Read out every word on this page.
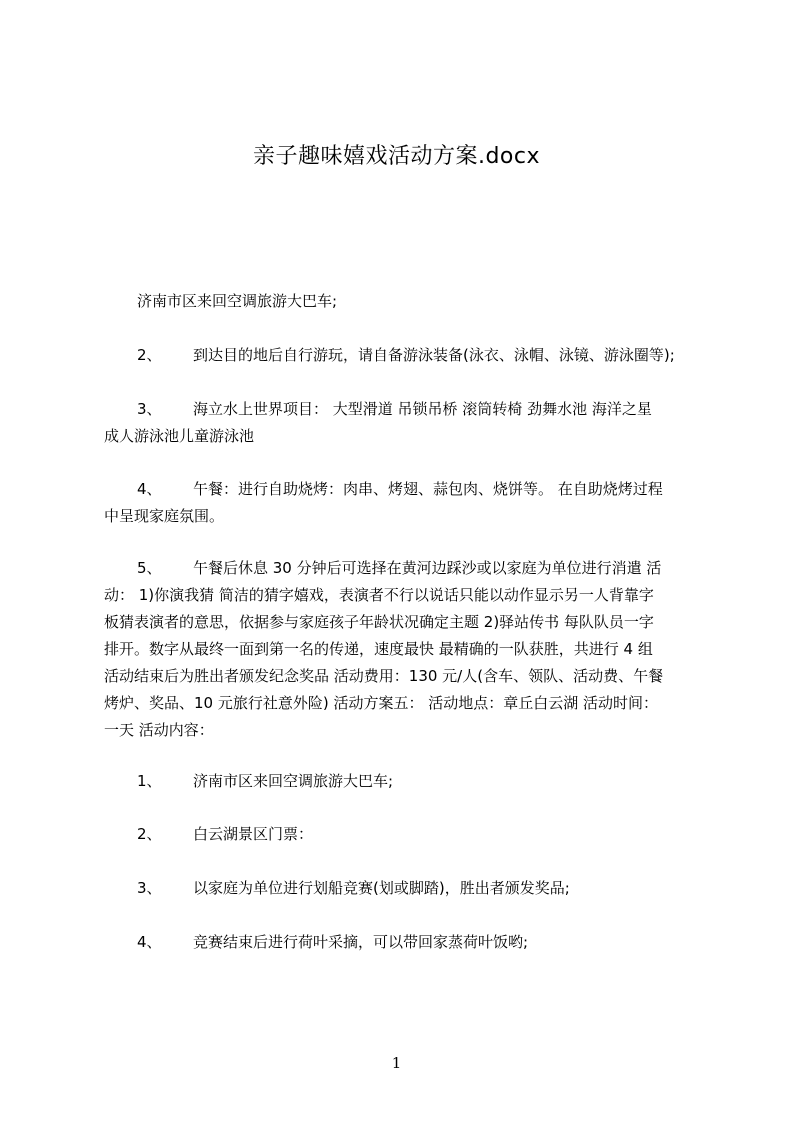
亲子趣味嬉戏活动方案.docx
济南市区来回空调旅游大巴车;
2、 到达目的地后自行游玩，请自备游泳装备(泳衣、泳帽、泳镜、游泳圈等);
3、 海立水上世界项目： 大型滑道 吊锁吊桥 滚筒转椅 劲舞水池 海洋之星
成人游泳池儿童游泳池
4、 午餐：进行自助烧烤：肉串、烤翅、蒜包肉、烧饼等。 在自助烧烤过程
中呈现家庭氛围。
5、 午餐后休息 30 分钟后可选择在黄河边踩沙或以家庭为单位进行消遣 活
动： 1)你演我猜 简洁的猜字嬉戏，表演者不行以说话只能以动作显示另一人背靠字
板猜表演者的意思，依据参与家庭孩子年龄状况确定主题 2)驿站传书 每队队员一字
排开。数字从最终一面到第一名的传递，速度最快 最精确的一队获胜，共进行 4 组
活动结束后为胜出者颁发纪念奖品 活动费用：130 元/人(含车、领队、活动费、午餐
烤炉、奖品、10 元旅行社意外险) 活动方案五： 活动地点：章丘白云湖 活动时间：
一天 活动内容：
1、 济南市区来回空调旅游大巴车;
2、 白云湖景区门票：
3、 以家庭为单位进行划船竞赛(划或脚踏)，胜出者颁发奖品;
4、 竞赛结束后进行荷叶采摘，可以带回家蒸荷叶饭哟;
1
